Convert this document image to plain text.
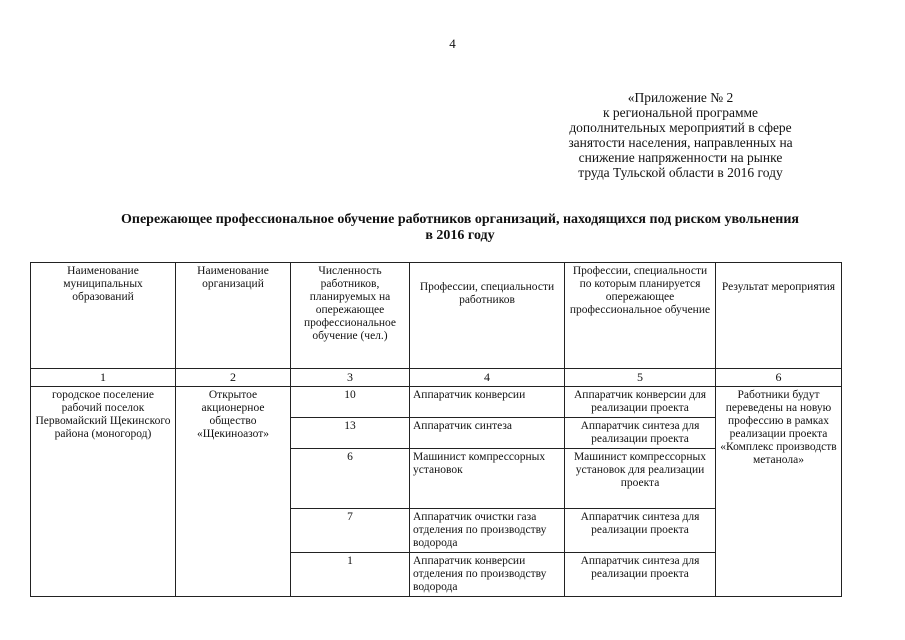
4
«Приложение № 2
к региональной программе
дополнительных мероприятий в сфере
занятости населения, направленных на
снижение напряженности на рынке
труда Тульской области в 2016 году
Опережающее профессиональное обучение работников организаций, находящихся под риском увольнения
в 2016 году
Наименование муниципальных образований	Наименование организаций	Численность работников, планируемых на опережающее профессиональное обучение (чел.)	Профессии, специальности работников	Профессии, специальности по которым планируется опережающее профессиональное обучение	Результат мероприятия
1	2	3	4	5	6
городское поселение рабочий поселок Первомайский Щекинского района (моногород)	Открытое акционерное общество «Щекиноазот»	10	Аппаратчик конверсии	Аппаратчик конверсии для реализации проекта	Работники будут переведены на новую профессию в рамках реализации проекта «Комплекс производств метанола»
		13	Аппаратчик синтеза	Аппаратчик синтеза для реализации проекта	
		6	Машинист компрессорных установок	Машинист компрессорных установок для реализации проекта	
		7	Аппаратчик очистки газа отделения по производству водорода	Аппаратчик синтеза для реализации проекта	
		1	Аппаратчик конверсии отделения по производству водорода	Аппаратчик синтеза для реализации проекта	
